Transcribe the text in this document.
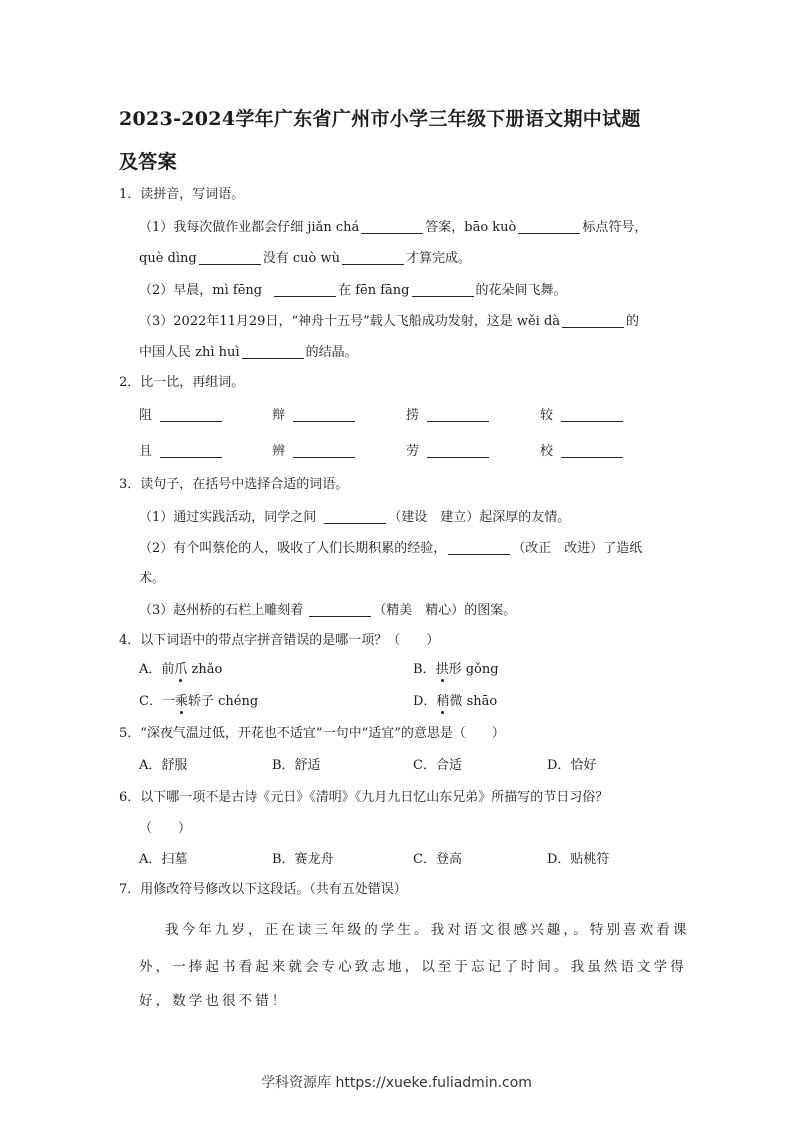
2023-2024学年广东省广州市小学三年级下册语文期中试题
及答案
1．读拼音，写词语。
（1）我每次做作业都会仔细 jiǎn chá	答案，bāo kuò	标点符号，
què dìng	没有 cuò wù	才算完成。
（2）早晨，mì fēng	在 fēn fāng	的花朵间飞舞。
（3）2022年11月29日，“神舟十五号”载人飞船成功发射，这是 wěi dà	的
中国人民 zhì huì	的结晶。
2．比一比，再组词。
阻	辩	捞	较
且	辨	劳	校
3．读句子，在括号中选择合适的词语。
（1）通过实践活动，同学之间	（建设　建立）起深厚的友情。
（2）有个叫蔡伦的人，吸收了人们长期积累的经验，	（改正　改进）了造纸
术。
（3）赵州桥的石栏上雕刻着	（精美　精心）的图案。
4．以下词语中的带点字拼音错误的是哪一项？（　　）
A．前爪 zhǎo	B．拱形 gǒng
C．一乘轿子 chéng	D．稍微 shāo
5．“深夜气温过低，开花也不适宜”一句中“适宜”的意思是（　　）
A．舒服	B．舒适	C．合适	D．恰好
6．以下哪一项不是古诗《元日》《清明》《九月九日忆山东兄弟》所描写的节日习俗？
（　　）
A．扫墓	B．赛龙舟	C．登高	D．贴桃符
7．用修改符号修改以下这段话。（共有五处错误）
我今年九岁，正在读三年级的学生。我对语文很感兴趣，。特别喜欢看课
外，一捧起书看起来就会专心致志地，以至于忘记了时间。我虽然语文学得
好，数学也很不错！
学科资源库 https://xueke.fuliadmin.com
